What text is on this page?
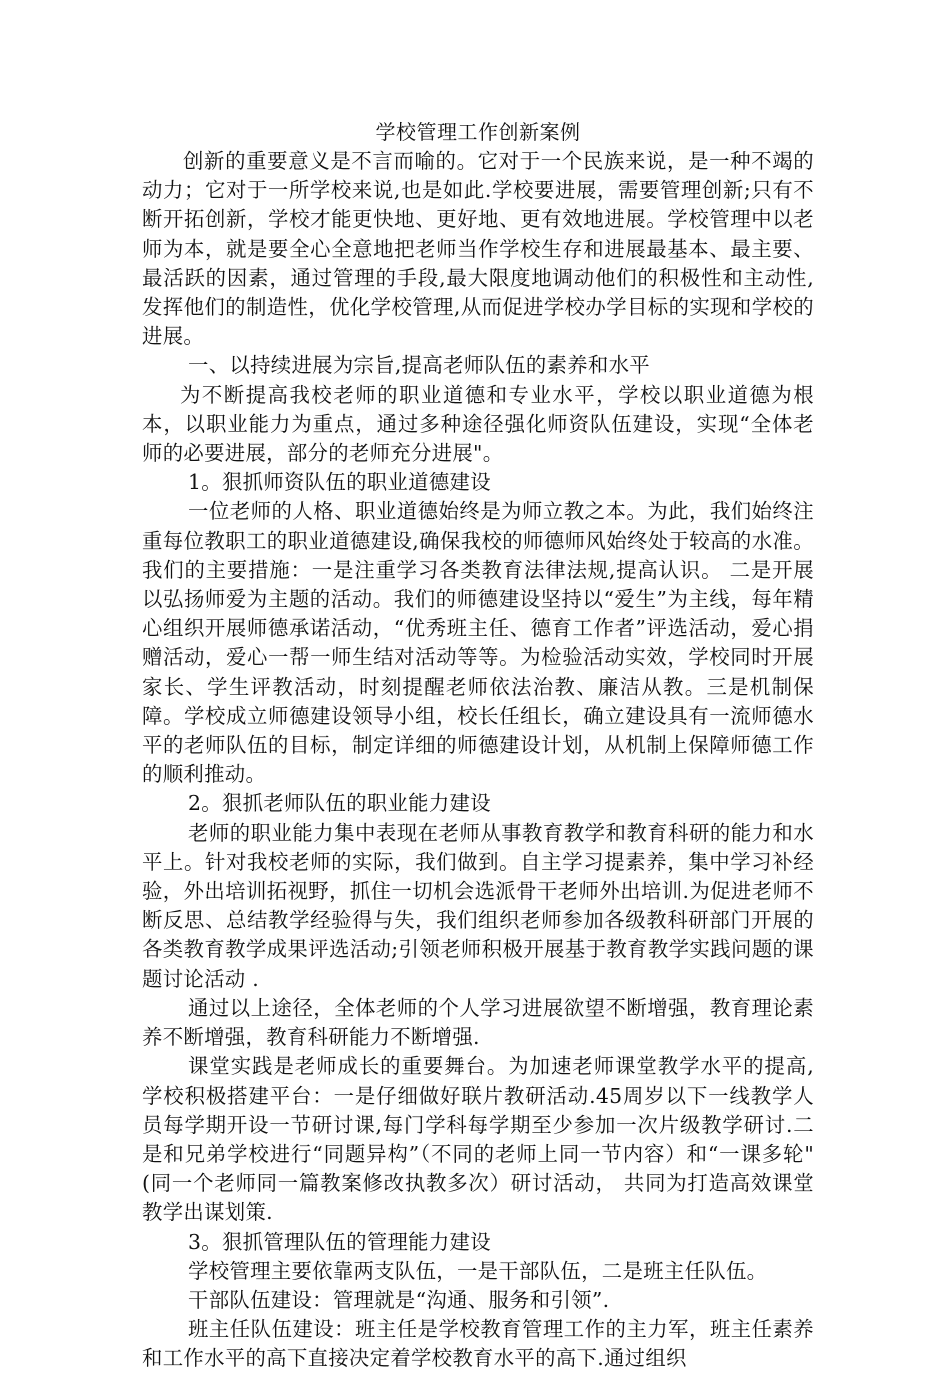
学校管理工作创新案例

创新的重要意义是不言而喻的。它对于一个民族来说，是一种不竭的动力；它对于一所学校来说,也是如此.学校要进展，需要管理创新;只有不断开拓创新，学校才能更快地、更好地、更有效地进展。学校管理中以老师为本，就是要全心全意地把老师当作学校生存和进展最基本、最主要、最活跃的因素，通过管理的手段,最大限度地调动他们的积极性和主动性,发挥他们的制造性，优化学校管理,从而促进学校办学目标的实现和学校的进展。

一、以持续进展为宗旨,提高老师队伍的素养和水平

为不断提高我校老师的职业道德和专业水平，学校以职业道德为根本，以职业能力为重点，通过多种途径强化师资队伍建设，实现“全体老师的必要进展，部分的老师充分进展"。

1。狠抓师资队伍的职业道德建设

一位老师的人格、职业道德始终是为师立教之本。为此，我们始终注重每位教职工的职业道德建设,确保我校的师德师风始终处于较高的水准。我们的主要措施：一是注重学习各类教育法律法规,提高认识。 二是开展以弘扬师爱为主题的活动。我们的师德建设坚持以“爱生”为主线，每年精心组织开展师德承诺活动，“优秀班主任、德育工作者”评选活动，爱心捐赠活动，爱心一帮一师生结对活动等等。为检验活动实效，学校同时开展家长、学生评教活动，时刻提醒老师依法治教、廉洁从教。三是机制保障。学校成立师德建设领导小组，校长任组长，确立建设具有一流师德水平的老师队伍的目标，制定详细的师德建设计划，从机制上保障师德工作的顺利推动。

2。狠抓老师队伍的职业能力建设

老师的职业能力集中表现在老师从事教育教学和教育科研的能力和水平上。针对我校老师的实际，我们做到。自主学习提素养，集中学习补经验，外出培训拓视野，抓住一切机会选派骨干老师外出培训.为促进老师不断反思、总结教学经验得与失，我们组织老师参加各级教科研部门开展的各类教育教学成果评选活动;引领老师积极开展基于教育教学实践问题的课题讨论活动 .

通过以上途径，全体老师的个人学习进展欲望不断增强，教育理论素养不断增强，教育科研能力不断增强.

课堂实践是老师成长的重要舞台。为加速老师课堂教学水平的提高,学校积极搭建平台：一是仔细做好联片教研活动.45周岁以下一线教学人员每学期开设一节研讨课,每门学科每学期至少参加一次片级教学研讨.二是和兄弟学校进行“同题异构”（不同的老师上同一节内容）和“一课多轮"(同一个老师同一篇教案修改执教多次）研讨活动， 共同为打造高效课堂教学出谋划策.

3。狠抓管理队伍的管理能力建设

学校管理主要依靠两支队伍，一是干部队伍，二是班主任队伍。

干部队伍建设：管理就是“沟通、服务和引领”.

班主任队伍建设：班主任是学校教育管理工作的主力军，班主任素养和工作水平的高下直接决定着学校教育水平的高下.通过组织
